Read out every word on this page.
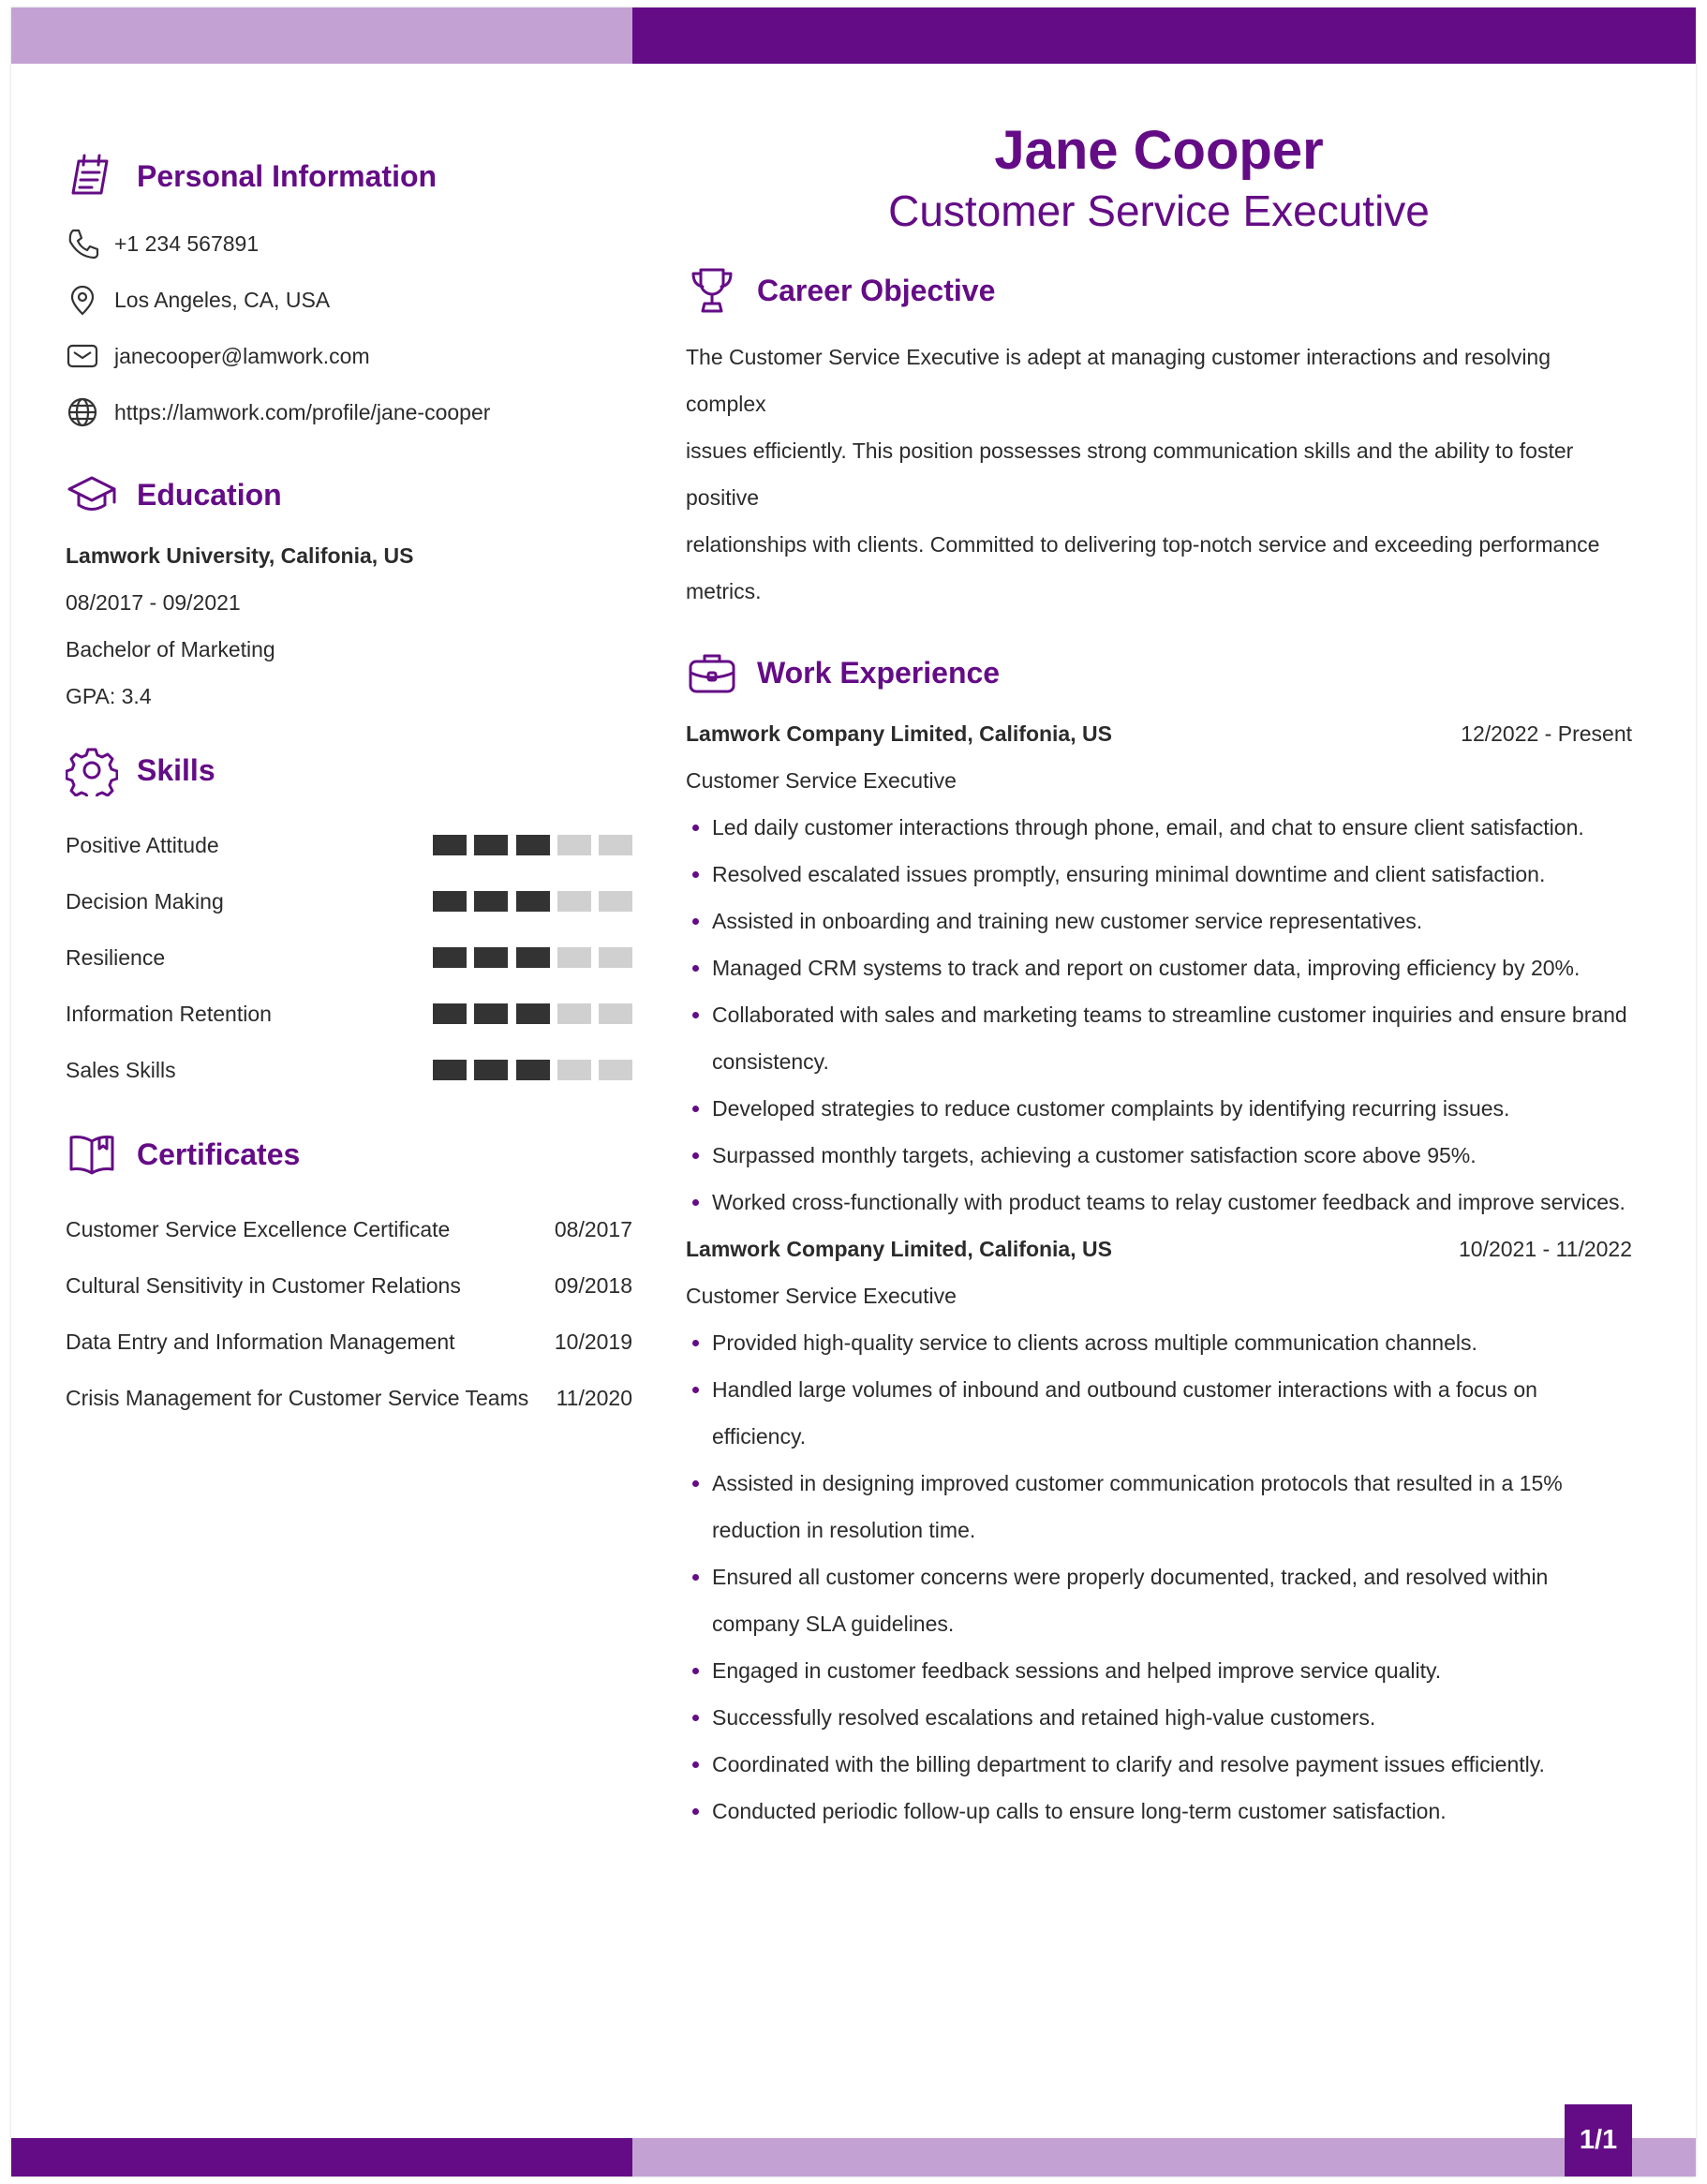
Personal Information
+1 234 567891
Los Angeles, CA, USA
janecooper@lamwork.com
https://lamwork.com/profile/jane-cooper
Education
Lamwork University, Califonia, US
08/2017 - 09/2021
Bachelor of Marketing
GPA: 3.4
Skills
Positive Attitude
Decision Making
Resilience
Information Retention
Sales Skills
Certificates
Customer Service Excellence Certificate	08/2017
Cultural Sensitivity in Customer Relations	09/2018
Data Entry and Information Management	10/2019
Crisis Management for Customer Service Teams 11/2020
Jane Cooper
Customer Service Executive
Career Objective
The Customer Service Executive is adept at managing customer interactions and resolving complex
issues efficiently. This position possesses strong communication skills and the ability to foster positive
relationships with clients. Committed to delivering top-notch service and exceeding performance metrics.
Work Experience
Lamwork Company Limited, Califonia, US	12/2022 - Present
Customer Service Executive
• Led daily customer interactions through phone, email, and chat to ensure client satisfaction.
• Resolved escalated issues promptly, ensuring minimal downtime and client satisfaction.
• Assisted in onboarding and training new customer service representatives.
• Managed CRM systems to track and report on customer data, improving efficiency by 20%.
• Collaborated with sales and marketing teams to streamline customer inquiries and ensure brand consistency.
• Developed strategies to reduce customer complaints by identifying recurring issues.
• Surpassed monthly targets, achieving a customer satisfaction score above 95%.
• Worked cross-functionally with product teams to relay customer feedback and improve services.
Lamwork Company Limited, Califonia, US	10/2021 - 11/2022
Customer Service Executive
• Provided high-quality service to clients across multiple communication channels.
• Handled large volumes of inbound and outbound customer interactions with a focus on efficiency.
• Assisted in designing improved customer communication protocols that resulted in a 15% reduction in resolution time.
• Ensured all customer concerns were properly documented, tracked, and resolved within company SLA guidelines.
• Engaged in customer feedback sessions and helped improve service quality.
• Successfully resolved escalations and retained high-value customers.
• Coordinated with the billing department to clarify and resolve payment issues efficiently.
• Conducted periodic follow-up calls to ensure long-term customer satisfaction.
1/1
